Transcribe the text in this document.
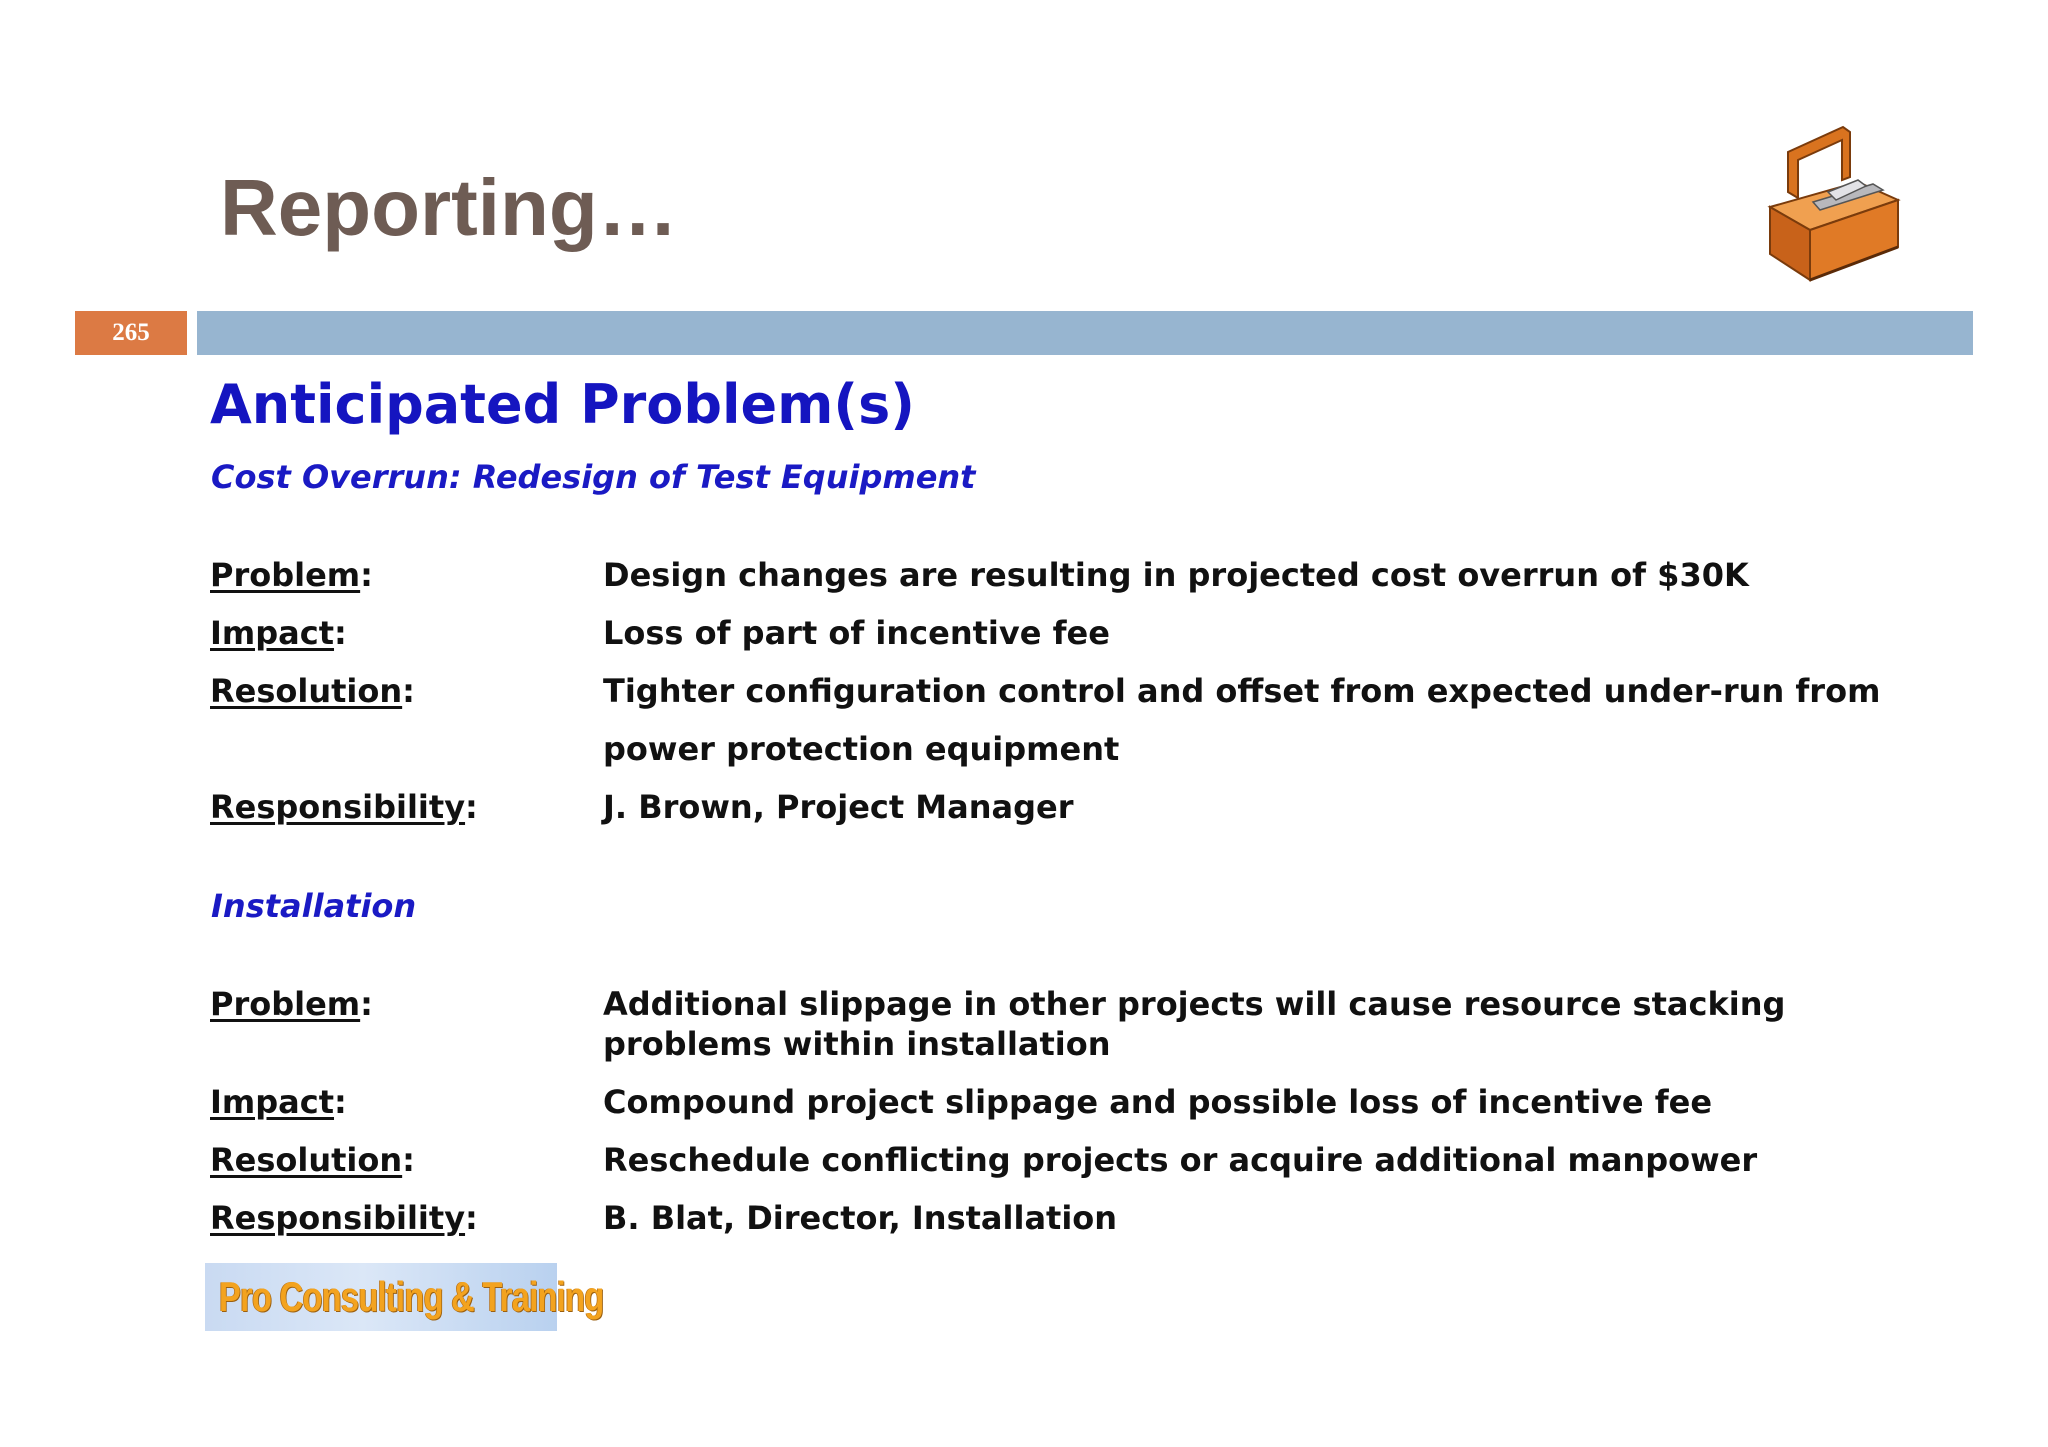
Reporting…
265
Anticipated Problem(s)
Cost Overrun: Redesign of Test Equipment
Problem:	Design changes are resulting in projected cost overrun of $30K
Impact:	Loss of part of incentive fee
Resolution:	Tighter configuration control and offset from expected under-run from power protection equipment
Responsibility:	J. Brown, Project Manager
Installation
Problem:	Additional slippage in other projects will cause resource stacking problems within installation
Impact:	Compound project slippage and possible loss of incentive fee
Resolution:	Reschedule conflicting projects or acquire additional manpower
Responsibility:	B. Blat, Director, Installation
Pro Consulting & Training
